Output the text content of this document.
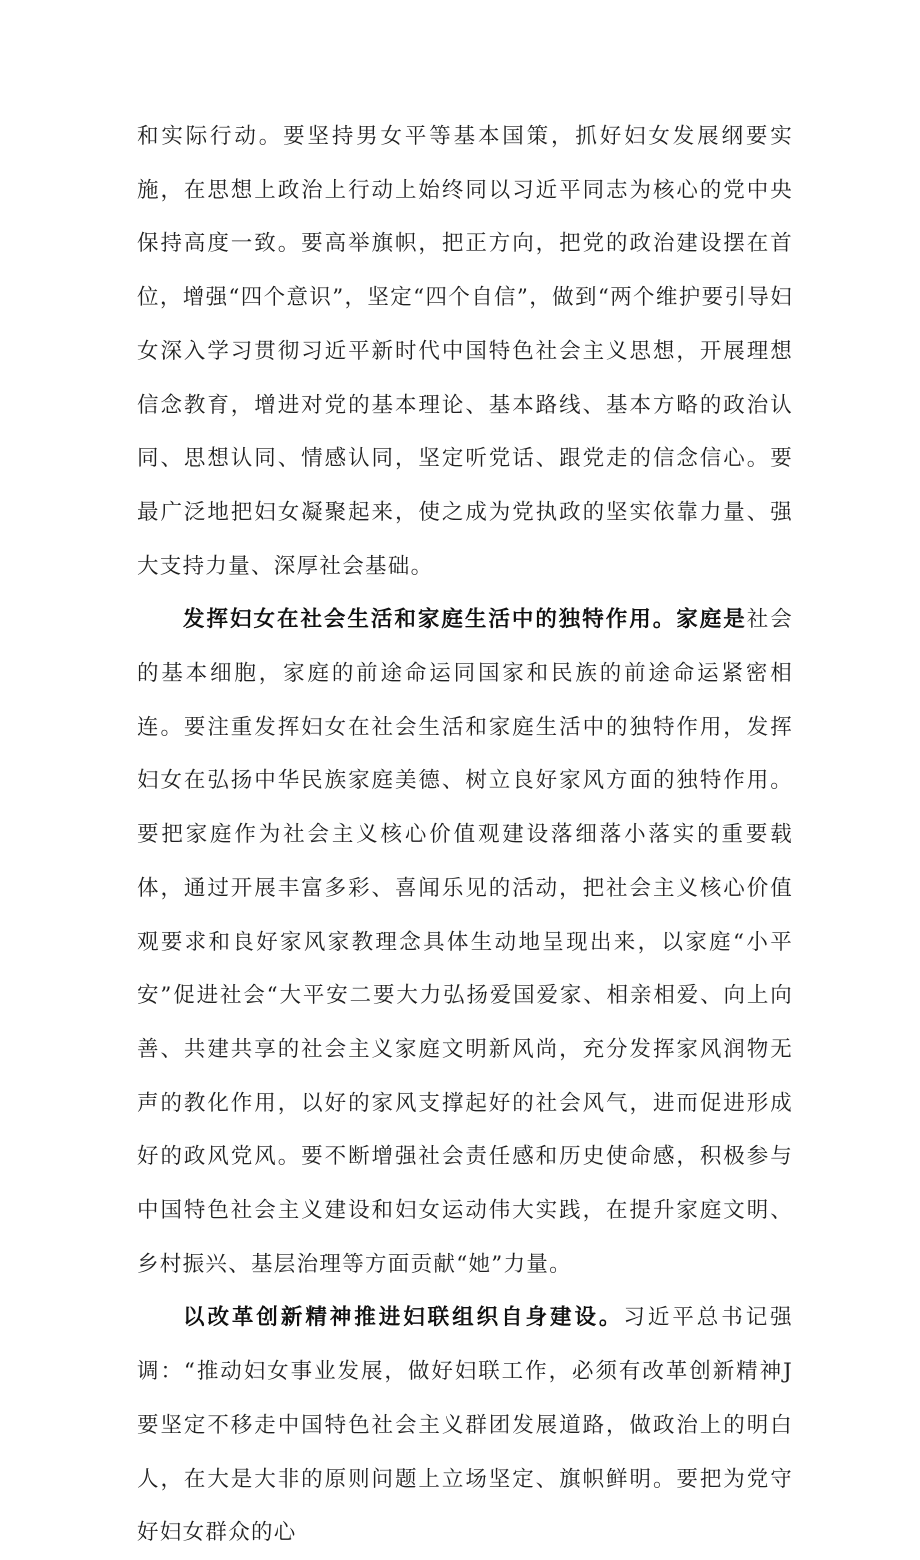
和实际行动。要坚持男女平等基本国策，抓好妇女发展纲要实施，在思想上政治上行动上始终同以习近平同志为核心的党中央保持高度一致。要高举旗帜，把正方向，把党的政治建设摆在首位，增强“四个意识”，坚定“四个自信”，做到“两个维护要引导妇女深入学习贯彻习近平新时代中国特色社会主义思想，开展理想信念教育，增进对党的基本理论、基本路线、基本方略的政治认同、思想认同、情感认同，坚定听党话、跟党走的信念信心。要最广泛地把妇女凝聚起来，使之成为党执政的坚实依靠力量、强大支持力量、深厚社会基础。

发挥妇女在社会生活和家庭生活中的独特作用。家庭是社会的基本细胞，家庭的前途命运同国家和民族的前途命运紧密相连。要注重发挥妇女在社会生活和家庭生活中的独特作用，发挥妇女在弘扬中华民族家庭美德、树立良好家风方面的独特作用。要把家庭作为社会主义核心价值观建设落细落小落实的重要载体，通过开展丰富多彩、喜闻乐见的活动，把社会主义核心价值观要求和良好家风家教理念具体生动地呈现出来，以家庭“小平安”促进社会“大平安二要大力弘扬爱国爱家、相亲相爱、向上向善、共建共享的社会主义家庭文明新风尚，充分发挥家风润物无声的教化作用，以好的家风支撑起好的社会风气，进而促进形成好的政风党风。要不断增强社会责任感和历史使命感，积极参与中国特色社会主义建设和妇女运动伟大实践，在提升家庭文明、乡村振兴、基层治理等方面贡献“她”力量。

以改革创新精神推进妇联组织自身建设。习近平总书记强调：“推动妇女事业发展，做好妇联工作，必须有改革创新精神J要坚定不移走中国特色社会主义群团发展道路，做政治上的明白人，在大是大非的原则问题上立场坚定、旗帜鲜明。要把为党守好妇女群众的心
